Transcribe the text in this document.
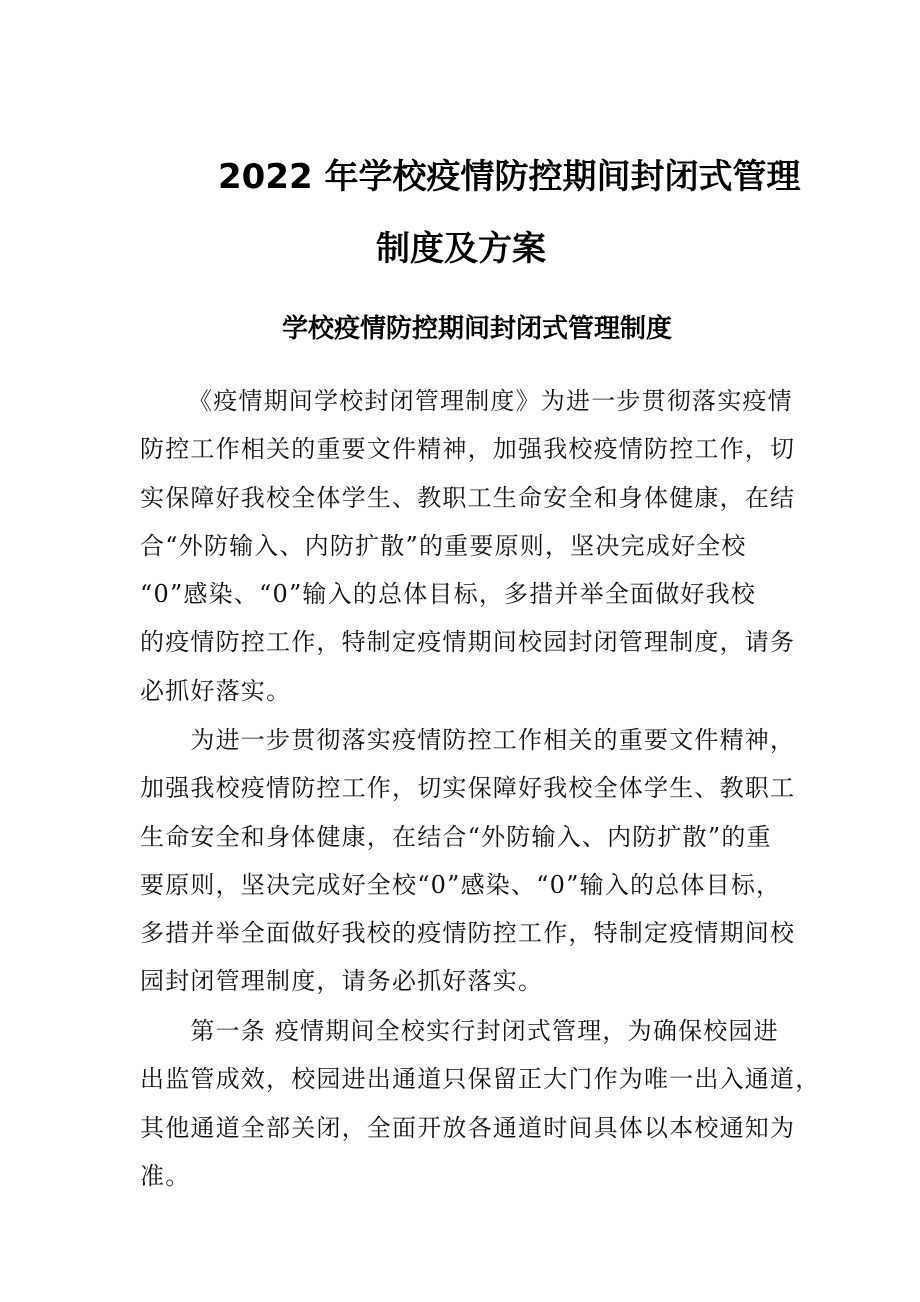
2022 年学校疫情防控期间封闭式管理
制度及方案
学校疫情防控期间封闭式管理制度
《疫情期间学校封闭管理制度》为进一步贯彻落实疫情
防控工作相关的重要文件精神，加强我校疫情防控工作，切
实保障好我校全体学生、教职工生命安全和身体健康，在结
合“外防输入、内防扩散”的重要原则，坚决完成好全校
“0”感染、“0”输入的总体目标，多措并举全面做好我校
的疫情防控工作，特制定疫情期间校园封闭管理制度，请务
必抓好落实。
　　为进一步贯彻落实疫情防控工作相关的重要文件精神，
加强我校疫情防控工作，切实保障好我校全体学生、教职工
生命安全和身体健康，在结合“外防输入、内防扩散”的重
要原则，坚决完成好全校“0”感染、“0”输入的总体目标，
多措并举全面做好我校的疫情防控工作，特制定疫情期间校
园封闭管理制度，请务必抓好落实。
　　第一条 疫情期间全校实行封闭式管理，为确保校园进
出监管成效，校园进出通道只保留正大门作为唯一出入通道，
其他通道全部关闭，全面开放各通道时间具体以本校通知为
准。
